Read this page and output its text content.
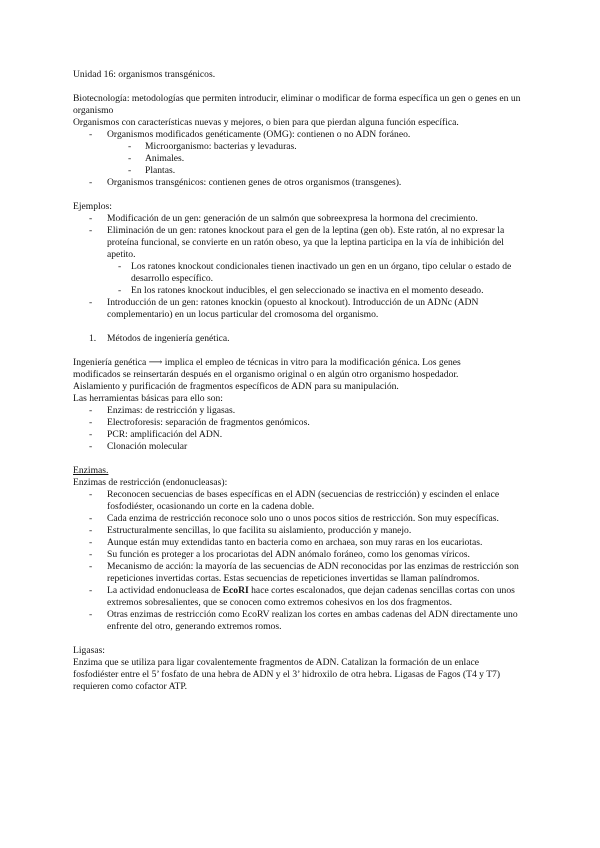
Unidad 16: organismos transgénicos.
Biotecnología: metodologías que permiten introducir, eliminar o modificar de forma específica un gen o genes en un organismo
Organismos con características nuevas y mejores, o bien para que pierdan alguna función específica.
- Organismos modificados genéticamente (OMG): contienen o no ADN foráneo.
- Microorganismo: bacterias y levaduras.
- Animales.
- Plantas.
- Organismos transgénicos: contienen genes de otros organismos (transgenes).
Ejemplos:
- Modificación de un gen: generación de un salmón que sobreexpresa la hormona del crecimiento.
- Eliminación de un gen: ratones knockout para el gen de la leptina (gen ob). Este ratón, al no expresar la proteína funcional, se convierte en un ratón obeso, ya que la leptina participa en la vía de inhibición del apetito.
- Los ratones knockout condicionales tienen inactivado un gen en un órgano, tipo celular o estado de desarrollo específico.
- En los ratones knockout inducibles, el gen seleccionado se inactiva en el momento deseado.
- Introducción de un gen: ratones knockin (opuesto al knockout). Introducción de un ADNc (ADN complementario) en un locus particular del cromosoma del organismo.
1. Métodos de ingeniería genética.
Ingeniería genética ⟶ implica el empleo de técnicas in vitro para la modificación génica. Los genes
modificados se reinsertarán después en el organismo original o en algún otro organismo hospedador.
Aislamiento y purificación de fragmentos específicos de ADN para su manipulación.
Las herramientas básicas para ello son:
- Enzimas: de restricción y ligasas.
- Electroforesis: separación de fragmentos genómicos.
- PCR: amplificación del ADN.
- Clonación molecular
Enzimas.
Enzimas de restricción (endonucleasas):
- Reconocen secuencias de bases específicas en el ADN (secuencias de restricción) y escinden el enlace fosfodiéster, ocasionando un corte en la cadena doble.
- Cada enzima de restricción reconoce solo uno o unos pocos sitios de restricción. Son muy específicas.
- Estructuralmente sencillas, lo que facilita su aislamiento, producción y manejo.
- Aunque están muy extendidas tanto en bacteria como en archaea, son muy raras en los eucariotas.
- Su función es proteger a los procariotas del ADN anómalo foráneo, como los genomas víricos.
- Mecanismo de acción: la mayoría de las secuencias de ADN reconocidas por las enzimas de restricción son repeticiones invertidas cortas. Estas secuencias de repeticiones invertidas se llaman palíndromos.
- La actividad endonucleasa de EcoRI hace cortes escalonados, que dejan cadenas sencillas cortas con unos extremos sobresalientes, que se conocen como extremos cohesivos en los dos fragmentos.
- Otras enzimas de restricción como EcoRV realizan los cortes en ambas cadenas del ADN directamente uno enfrente del otro, generando extremos romos.
Ligasas:
Enzima que se utiliza para ligar covalentemente fragmentos de ADN. Catalizan la formación de un enlace
fosfodiéster entre el 5’ fosfato de una hebra de ADN y el 3’ hidroxilo de otra hebra. Ligasas de Fagos (T4 y T7)
requieren como cofactor ATP.
